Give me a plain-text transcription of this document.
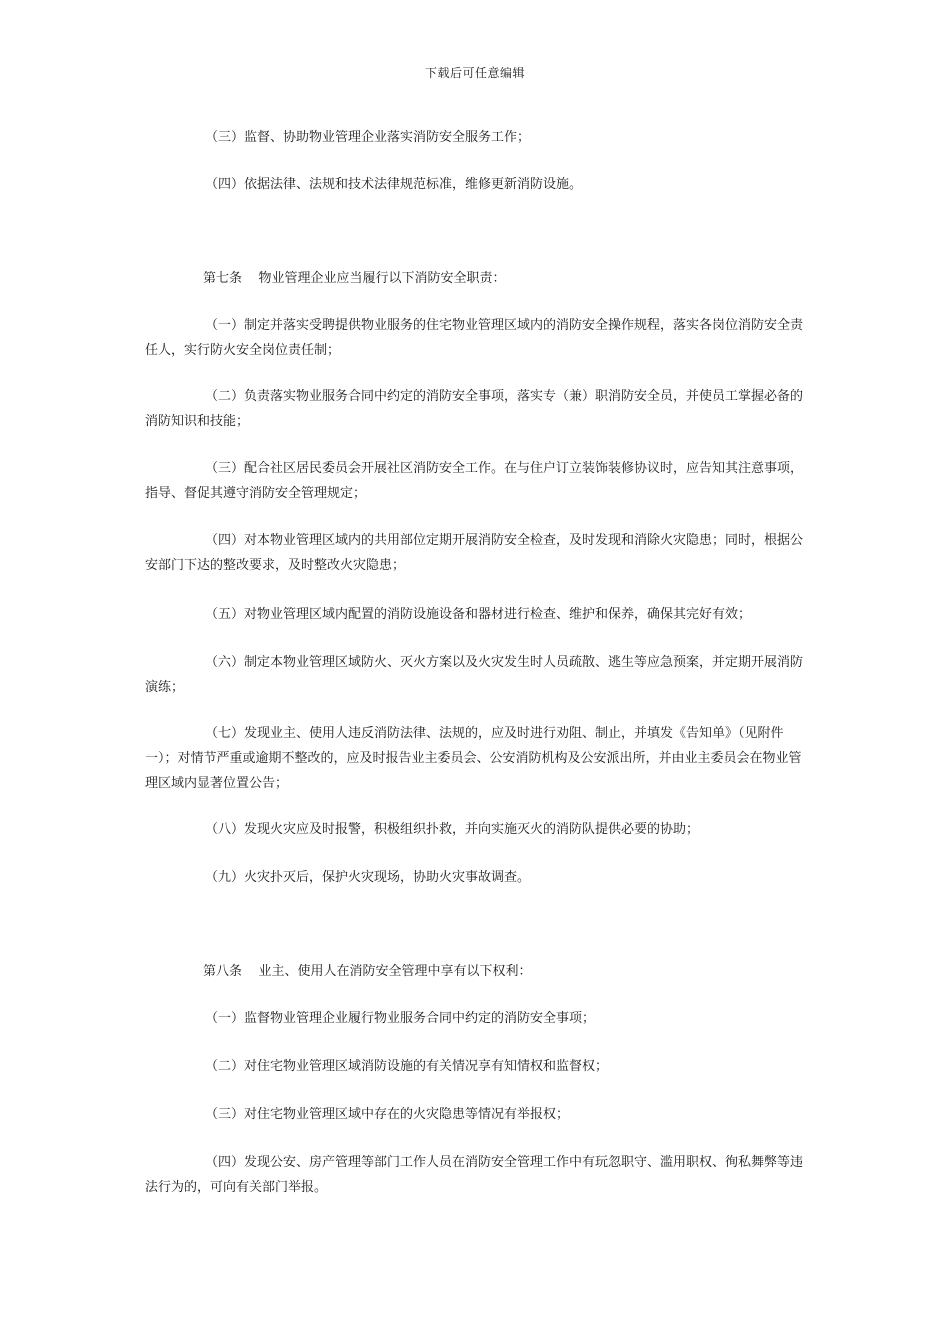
下载后可任意编辑

（三）监督、协助物业管理企业落实消防安全服务工作；

（四）依据法律、法规和技术法律规范标准，维修更新消防设施。

第七条    物业管理企业应当履行以下消防安全职责：

（一）制定并落实受聘提供物业服务的住宅物业管理区域内的消防安全操作规程，落实各岗位消防安全责任人，实行防火安全岗位责任制；

（二）负责落实物业服务合同中约定的消防安全事项，落实专（兼）职消防安全员，并使员工掌握必备的消防知识和技能；

（三）配合社区居民委员会开展社区消防安全工作。在与住户订立装饰装修协议时，应告知其注意事项，指导、督促其遵守消防安全管理规定；

（四）对本物业管理区域内的共用部位定期开展消防安全检查，及时发现和消除火灾隐患；同时，根据公安部门下达的整改要求，及时整改火灾隐患；

（五）对物业管理区域内配置的消防设施设备和器材进行检查、维护和保养，确保其完好有效；

（六）制定本物业管理区域防火、灭火方案以及火灾发生时人员疏散、逃生等应急预案，并定期开展消防演练；

（七）发现业主、使用人违反消防法律、法规的，应及时进行劝阻、制止，并填发《告知单》（见附件一）；对情节严重或逾期不整改的，应及时报告业主委员会、公安消防机构及公安派出所，并由业主委员会在物业管理区域内显著位置公告；

（八）发现火灾应及时报警，积极组织扑救，并向实施灭火的消防队提供必要的协助；

（九）火灾扑灭后，保护火灾现场，协助火灾事故调查。

第八条    业主、使用人在消防安全管理中享有以下权利：

（一）监督物业管理企业履行物业服务合同中约定的消防安全事项；

（二）对住宅物业管理区域消防设施的有关情况享有知情权和监督权；

（三）对住宅物业管理区域中存在的火灾隐患等情况有举报权；

（四）发现公安、房产管理等部门工作人员在消防安全管理工作中有玩忽职守、滥用职权、徇私舞弊等违法行为的，可向有关部门举报。
